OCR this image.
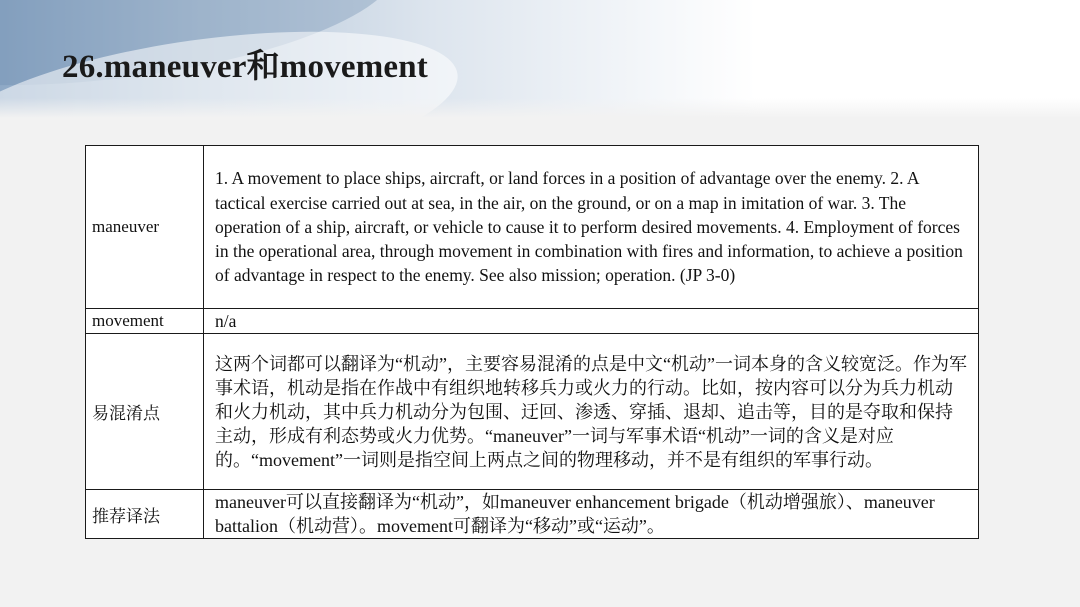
26.maneuver和movement
maneuver	1. A movement to place ships, aircraft, or land forces in a position of advantage over the enemy. 2. A tactical exercise carried out at sea, in the air, on the ground, or on a map in imitation of war. 3. The operation of a ship, aircraft, or vehicle to cause it to perform desired movements. 4. Employment of forces in the operational area, through movement in combination with fires and information, to achieve a position of advantage in respect to the enemy. See also mission; operation. (JP 3-0)
movement	n/a
易混淆点	这两个词都可以翻译为“机动”，主要容易混淆的点是中文“机动”一词本身的含义较宽泛。作为军事术语，机动是指在作战中有组织地转移兵力或火力的行动。比如，按内容可以分为兵力机动和火力机动，其中兵力机动分为包围、迂回、渗透、穿插、退却、追击等，目的是夺取和保持主动，形成有利态势或火力优势。“maneuver”一词与军事术语“机动”一词的含义是对应的。“movement”一词则是指空间上两点之间的物理移动，并不是有组织的军事行动。
推荐译法	maneuver可以直接翻译为“机动”，如maneuver enhancement brigade（机动增强旅）、maneuver battalion（机动营）。movement可翻译为“移动”或“运动”。
